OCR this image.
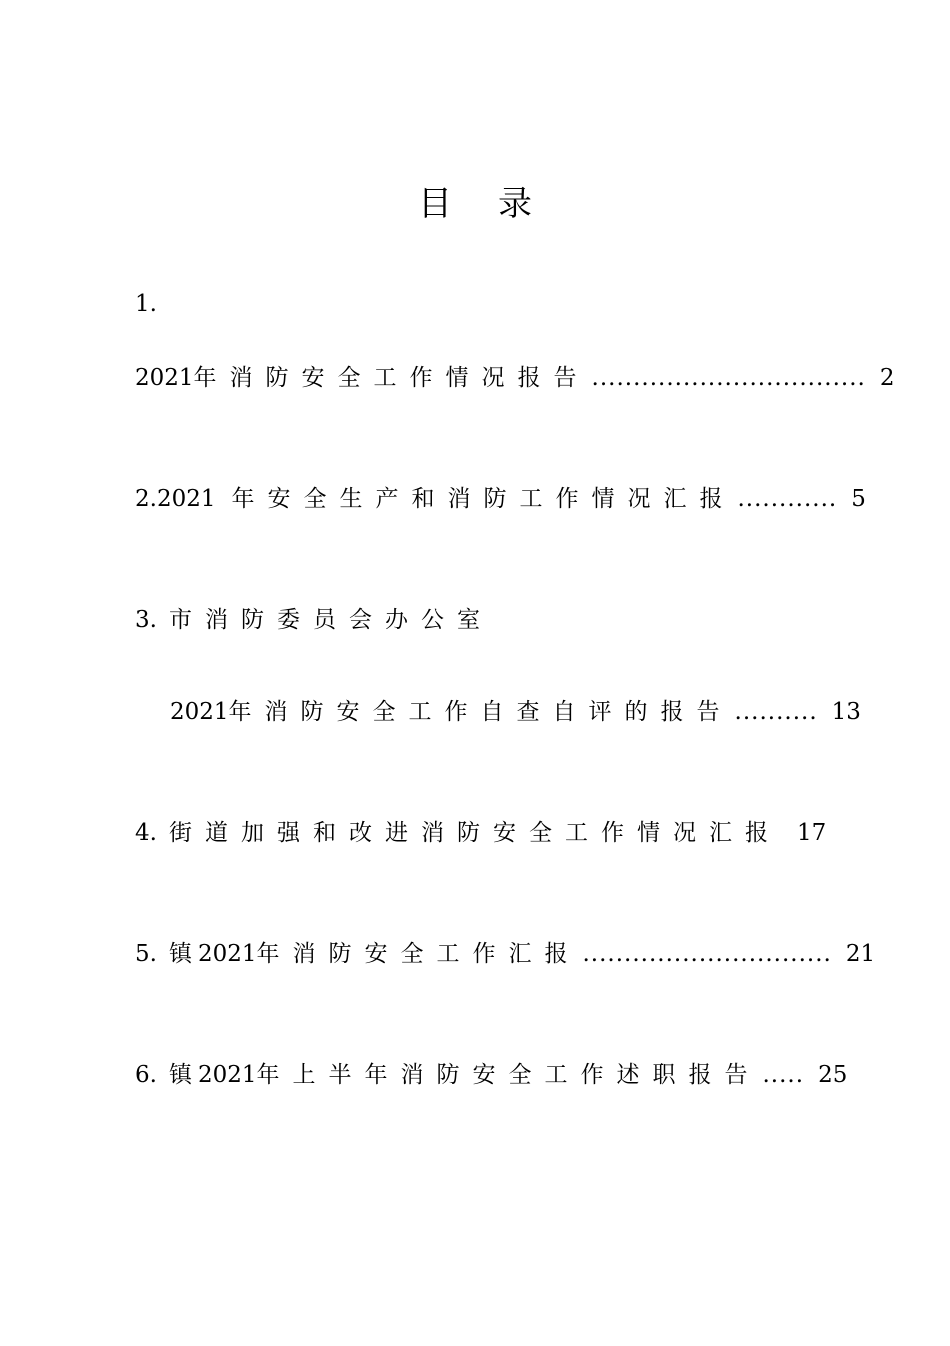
目录
1.
2021年消防安全工作情况报告 ................................. 2
2.2021 年安全生产和消防工作情况汇报 ............ 5
3. 市消防委员会办公室
2021年消防安全工作自查自评的报告 .......... 13
4. 街道加强和改进消防安全工作情况汇报 17
5. 镇 2021年消防安全工作汇报 .............................. 21
6. 镇 2021年上半年消防安全工作述职报告 ..... 25
